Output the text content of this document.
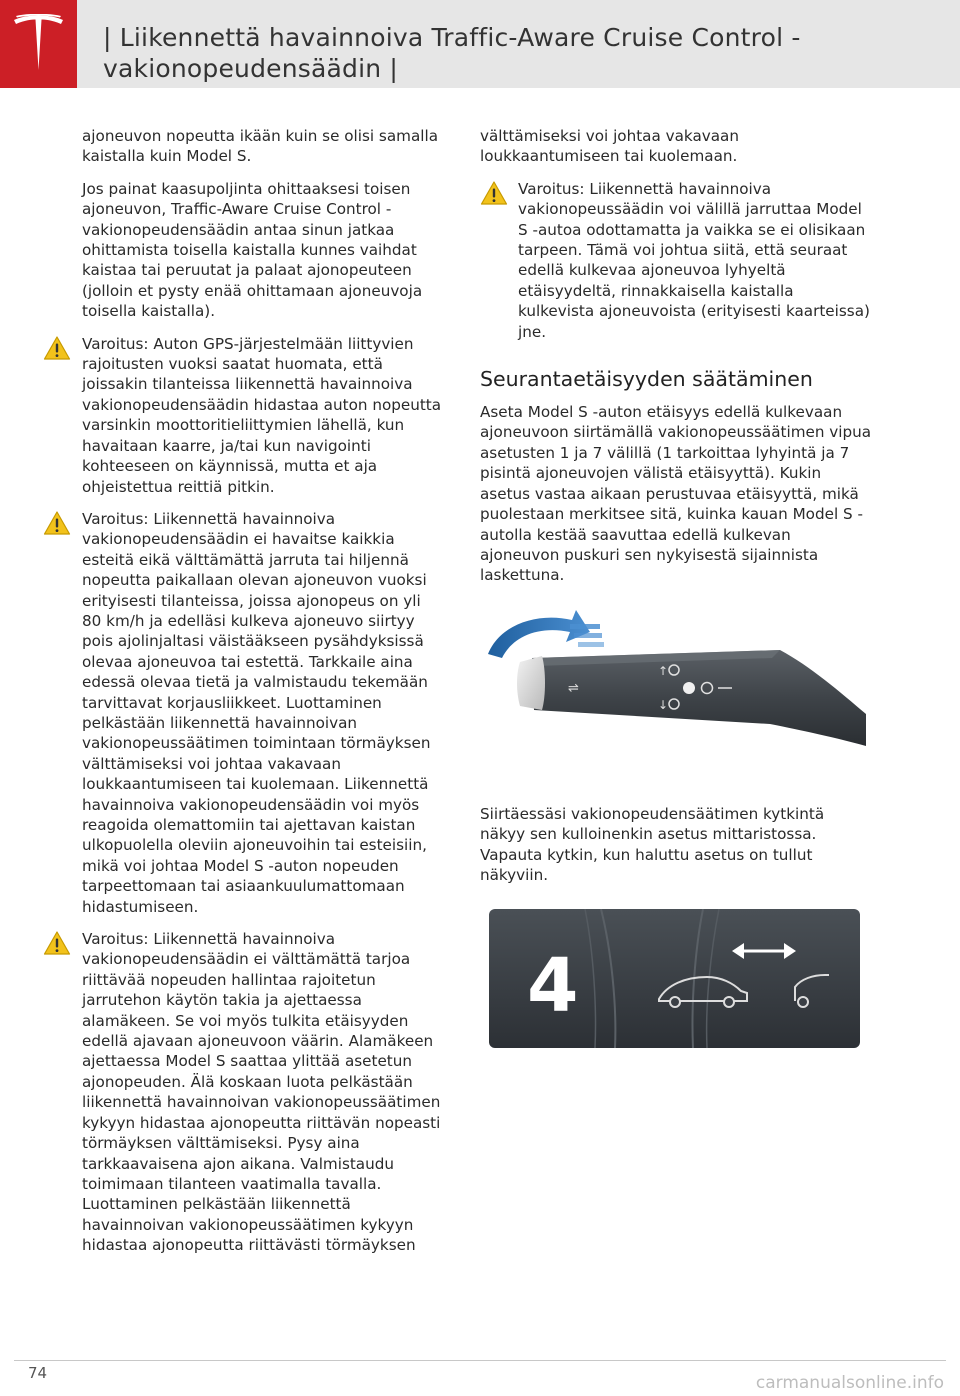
| Liikennettä havainnoiva Traffic-Aware Cruise Control - vakionopeudensäädin |

ajoneuvon nopeutta ikään kuin se olisi samalla kaistalla kuin Model S.

Jos painat kaasupoljinta ohittaaksesi toisen ajoneuvon, Traffic-Aware Cruise Control -vakionopeudensäädin antaa sinun jatkaa ohittamista toisella kaistalla kunnes vaihdat kaistaa tai peruutat ja palaat ajonopeuteen (jolloin et pysty enää ohittamaan ajoneuvoja toisella kaistalla).

Varoitus: Auton GPS-järjestelmään liittyvien rajoitusten vuoksi saatat huomata, että joissakin tilanteissa liikennettä havainnoiva vakionopeudensäädin hidastaa auton nopeutta varsinkin moottoritieliittymien lähellä, kun havaitaan kaarre, ja/tai kun navigointi kohteeseen on käynnissä, mutta et aja ohjeistettua reittiä pitkin.

Varoitus: Liikennettä havainnoiva vakionopeudensäädin ei havaitse kaikkia esteitä eikä välttämättä jarruta tai hiljennä nopeutta paikallaan olevan ajoneuvon vuoksi erityisesti tilanteissa, joissa ajonopeus on yli 80 km/h ja edelläsi kulkeva ajoneuvo siirtyy pois ajolinjaltasi väistääkseen pysähdyksissä olevaa ajoneuvoa tai estettä. Tarkkaile aina edessä olevaa tietä ja valmistaudu tekemään tarvittavat korjausliikkeet. Luottaminen pelkästään liikennettä havainnoivan vakionopeussäätimen toimintaan törmäyksen välttämiseksi voi johtaa vakavaan loukkaantumiseen tai kuolemaan. Liikennettä havainnoiva vakionopeudensäädin voi myös reagoida olemattomiin tai ajettavan kaistan ulkopuolella oleviin ajoneuvoihin tai esteisiin, mikä voi johtaa Model S -auton nopeuden tarpeettomaan tai asiaankuulumattomaan hidastumiseen.

Varoitus: Liikennettä havainnoiva vakionopeudensäädin ei välttämättä tarjoa riittävää nopeuden hallintaa rajoitetun jarrutehon käytön takia ja ajettaessa alamäkeen. Se voi myös tulkita etäisyyden edellä ajavaan ajoneuvoon väärin. Alamäkeen ajettaessa Model S saattaa ylittää asetetun ajonopeuden. Älä koskaan luota pelkästään liikennettä havainnoivan vakionopeussäätimen kykyyn hidastaa ajonopeutta riittävän nopeasti törmäyksen välttämiseksi. Pysy aina tarkkaavaisena ajon aikana. Valmistaudu toimimaan tilanteen vaatimalla tavalla. Luottaminen pelkästään liikennettä havainnoivan vakionopeussäätimen kykyyn hidastaa ajonopeutta riittävästi törmäyksen

välttämiseksi voi johtaa vakavaan loukkaantumiseen tai kuolemaan.

Varoitus: Liikennettä havainnoiva vakionopeussäädin voi välillä jarruttaa Model S -autoa odottamatta ja vaikka se ei olisikaan tarpeen. Tämä voi johtua siitä, että seuraat edellä kulkevaa ajoneuvoa lyhyeltä etäisyydeltä, rinnakkaisella kaistalla kulkevista ajoneuvoista (erityisesti kaarteissa) jne.

Seurantaetäisyyden säätäminen

Aseta Model S -auton etäisyys edellä kulkevaan ajoneuvoon siirtämällä vakionopeussäätimen vipua asetusten 1 ja 7 välillä (1 tarkoittaa lyhyintä ja 7 pisintä ajoneuvojen välistä etäisyyttä). Kukin asetus vastaa aikaan perustuvaa etäisyyttä, mikä puolestaan merkitsee sitä, kuinka kauan Model S -autolla kestää saavuttaa edellä kulkevan ajoneuvon puskuri sen nykyisestä sijainnista laskettuna.

⇌
↑
↓

Siirtäessäsi vakionopeudensäätimen kytkintä näkyy sen kulloinenkin asetus mittaristossa. Vapauta kytkin, kun haluttu asetus on tullut näkyviin.

4
74	carmanualsonline.info
